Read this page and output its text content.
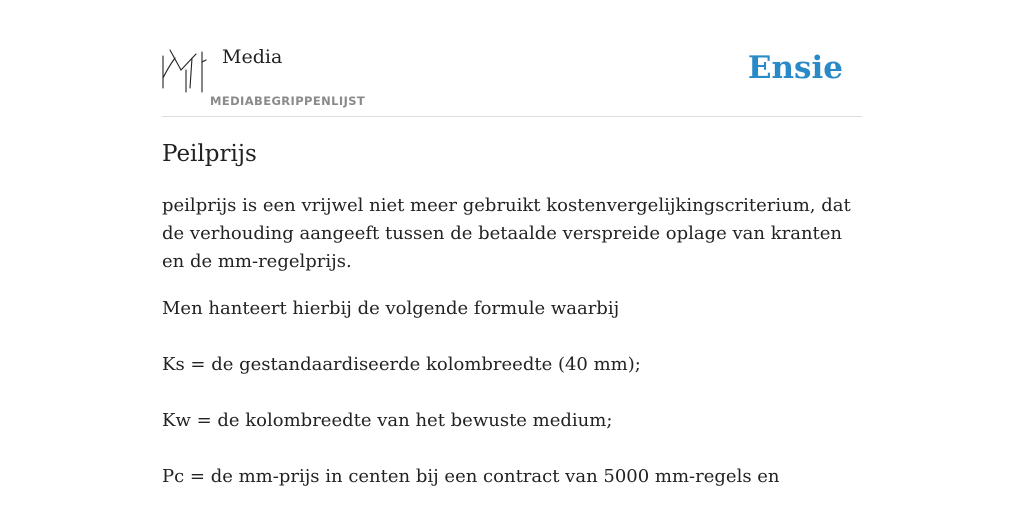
Media
MEDIABEGRIPPENLIJST
Ensie
Peilprijs

peilprijs is een vrijwel niet meer gebruikt kostenvergelijkingscriterium, dat de verhouding aangeeft tussen de betaalde verspreide oplage van kranten en de mm-regelprijs.

Men hanteert hierbij de volgende formule waarbij

Ks = de gestandaardiseerde kolombreedte (40 mm);

Kw = de kolombreedte van het bewuste medium;

Pc = de mm-prijs in centen bij een contract van 5000 mm-regels en
